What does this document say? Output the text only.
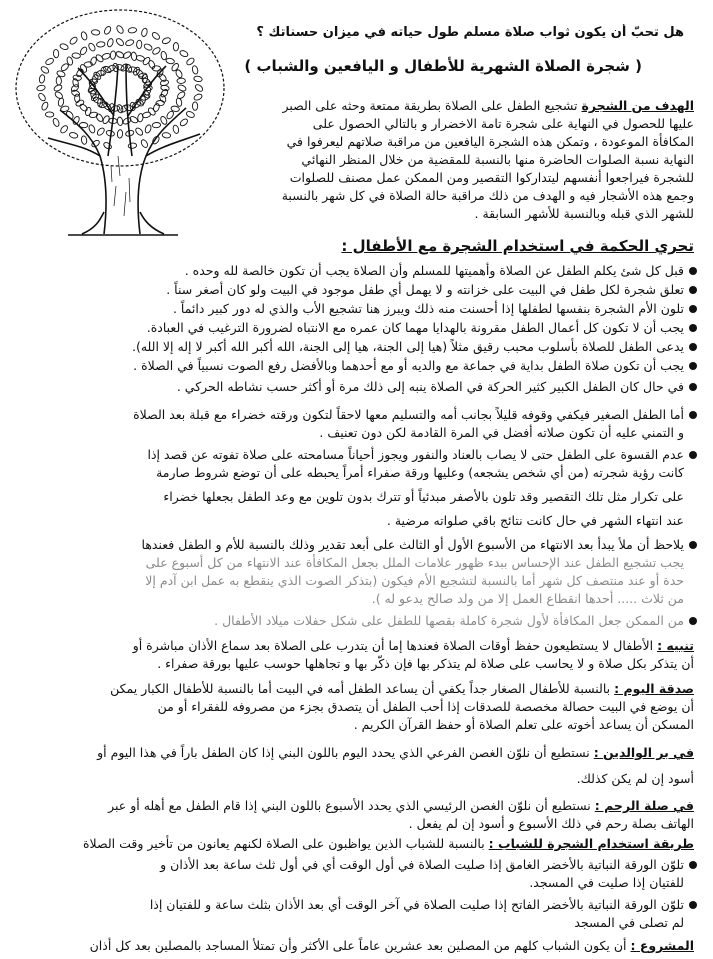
هل تحبّ أن يكون ثواب صلاة مسلم طول حياته في ميزان حسناتك ؟
( شجرة الصلاة الشهرية للأطفال و اليافعين والشباب )
الهدف من الشجرة تشجيع الطفل على الصلاة بطريقة ممتعة وحثه على الصبر
عليها للحصول في النهاية على شجرة تامة الاخضرار و بالتالي الحصول على
المكافأة الموعودة ، وتمكن هذه الشجرة اليافعين من مراقبة صلاتهم ليعرفوا في
النهاية نسبة الصلوات الحاضرة منها بالنسبة للمقضية من خلال المنظر النهائي
للشجرة فيراجعوا أنفسهم ليتداركوا التقصير ومن الممكن عمل مصنف للصلوات
وجمع هذه الأشجار فيه و الهدف من ذلك مراقبة حالة الصلاة في كل شهر بالنسبة
للشهر الذي قبله وبالنسبة للأشهر السابقة .
تحري الحكمة في استخدام الشجرة مع الأطفال :
قبل كل شئ يكلم الطفل عن الصلاة وأهميتها للمسلم وأن الصلاة يجب أن تكون خالصة لله وحده .
تعلق شجرة لكل طفل في البيت على خزانته و لا يهمل أي طفل موجود في البيت ولو كان أصغر سناً .
تلون الأم الشجرة بنفسها لطفلها إذا أحسنت منه ذلك ويبرز هنا تشجيع الأب والذي له دور كبير دائماً .
يجب أن لا تكون كل أعمال الطفل مقرونة بالهدايا مهما كان عمره مع الانتباه لضرورة الترغيب في العبادة.
يدعى الطفل للصلاة بأسلوب محبب رقيق مثلاً (هيا إلى الجنة، هيا إلى الجنة، الله أكبر الله أكبر لا إله إلا الله).
يجب أن تكون صلاة الطفل بداية في جماعة مع والديه أو مع أحدهما وبالأفضل رفع الصوت نسبياً في الصلاة .
في حال كان الطفل الكبير كثير الحركة في الصلاة ينبه إلى ذلك مرة أو أكثر حسب نشاطه الحركي .
أما الطفل الصغير فيكفي وقوفه قليلاً بجانب أمه والتسليم معها لاحقاً لتكون ورقته خضراء مع قبلة بعد الصلاة
و التمني عليه أن تكون صلاته أفضل في المرة القادمة لكن دون تعنيف .
عدم القسوة على الطفل حتى لا يصاب بالعناد والنفور ويجوز أحياناً مسامحته على صلاة تفوته عن قصد إذا
كانت رؤية شجرته (من أي شخص يشجعه) وعليها ورقة صفراء أمراً يحبطه على أن توضع شروط صارمة
على تكرار مثل تلك التقصير وقد تلون بالأصفر مبدئياً أو تترك بدون تلوين مع وعد الطفل بجعلها خضراء
عند انتهاء الشهر في حال كانت نتائج باقي صلواته مرضية .
يلاحظ أن ملأ يبدأ بعد الانتهاء من الأسبوع الأول أو الثالث على أبعد تقدير وذلك بالنسبة للأم و الطفل فعندها
يجب تشجيع الطفل عند الإحساس ببدء ظهور علامات الملل بجعل المكافأة عند الانتهاء من كل أسبوع على
حدة أو عند منتصف كل شهر أما بالنسبة لتشجيع الأم فيكون (بتذكر الصوت الذي ينقطع به عمل ابن آدم إلا
من ثلاث ..... أحدها انقطاع العمل إلا من ولد صالح يدعو له ).
من الممكن جعل المكافأة لأول شجرة كاملة بقصها للطفل على شكل حفلات ميلاد الأطفال .
تنبيه : الأطفال لا يستطيعون حفظ أوقات الصلاة فعندها إما أن يتدرب على الصلاة بعد سماع الأذان مباشرة أو
أن يتذكر بكل صلاة و لا يحاسب على صلاة لم يتذكر بها فإن ذكّر بها و تجاهلها حوسب عليها بورقة صفراء .
صدقة اليوم : بالنسبة للأطفال الصغار جداً يكفي أن يساعد الطفل أمه في البيت أما بالنسبة للأطفال الكبار يمكن
أن يوضع في البيت حصالة مخصصة للصدقات إذا أحب الطفل أن يتصدق بجزء من مصروفه للفقراء أو من
المسكن أن يساعد أخوته على تعلم الصلاة أو حفظ القرآن الكريم .
في بر الوالدين : نستطيع أن نلوّن الغصن الفرعي الذي يحدد اليوم باللون البني إذا كان الطفل باراً في هذا اليوم أو
أسود إن لم يكن كذلك.
في صلة الرحم : نستطيع أن نلوّن الغصن الرئيسي الذي يحدد الأسبوع باللون البني إذا قام الطفل مع أهله أو عبر
الهاتف بصلة رحم في ذلك الأسبوع و أسود إن لم يفعل .
طريقة استخدام الشجرة للشباب : بالنسبة للشباب الذين يواظبون على الصلاة لكنهم يعانون من تأخير وقت الصلاة
تلوّن الورقة النباتية بالأخضر الغامق إذا صليت الصلاة في أول الوقت أي في أول ثلث ساعة بعد الأذان و
للفتيان إذا صليت في المسجد.
تلوّن الورقة النباتية بالأخضر الفاتح إذا صليت الصلاة في آخر الوقت أي بعد الأذان بثلث ساعة و للفتيان إذا
لم تصلى في المسجد
المشروع : أن يكون الشباب كلهم من المصلين بعد عشرين عاماً على الأكثر وأن تمتلأ المساجد بالمصلين بعد كل أذان
